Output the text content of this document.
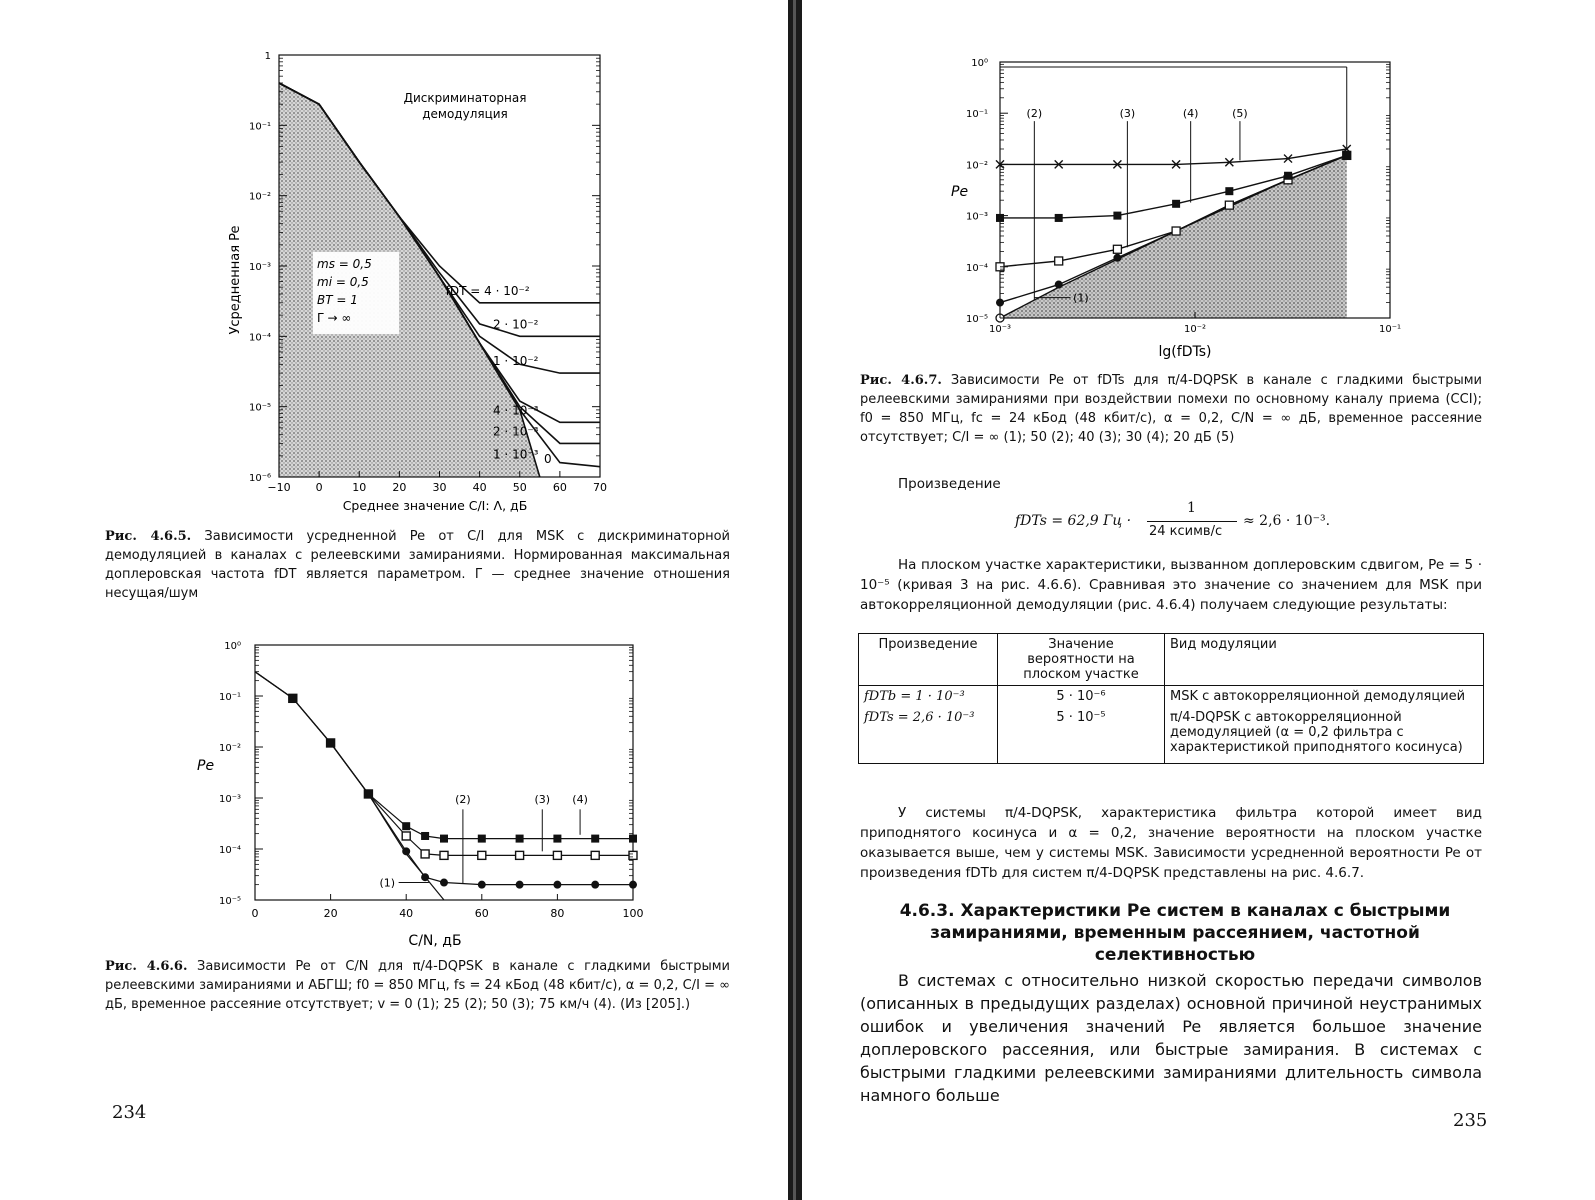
1
10⁻¹
10⁻²
10⁻³
10⁻⁴
10⁻⁵
10⁻⁶
−10 0	10 20 30 40 50 60 70
Дискриминаторная
демодуляция
Усредненная Pe
Среднее значение C/I: Λ, дБ
ms = 0,5
mi = 0,5
BT = 1
Γ → ∞
fDT = 4 · 10⁻²
2 · 10⁻²
1 · 10⁻²
4 · 10⁻³
2 · 10⁻³
1 · 10⁻³ 0
Рис. 4.6.5. Зависимости усредненной Pe от C/I для MSK с дискриминаторной демодуляцией в каналах с релеевскими замираниями. Нормированная максимальная доплеровская частота fDT является параметром. Γ — среднее значение отношения несущая/шум
10⁰
10⁻¹
10⁻²
10⁻³
10⁻⁴
10⁻⁵
0	20	40	60	80	100
Pe
C/N, дБ
(1)
(2)	(3) (4)
Рис. 4.6.6. Зависимости Pe от C/N для π/4-DQPSK в канале с гладкими быстрыми релеевскими замираниями и АБГШ; f0 = 850 МГц, fs = 24 кБод (48 кбит/с), α = 0,2, C/I = ∞ дБ, временное рассеяние отсутствует; v = 0 (1); 25 (2); 50 (3); 75 км/ч (4). (Из [205].)
234
10⁰
10⁻¹
10⁻²
10⁻³
10⁻⁴
10⁻⁵
10⁻³	10⁻²	10⁻¹
Pe
lg(fDTs)
(2)	(3)	(4)	(5)
(1)
Рис. 4.6.7. Зависимости Pe от fDTs для π/4-DQPSK в канале с гладкими быстрыми релеевскими замираниями при воздействии помехи по основному каналу приема (CCI); f0 = 850 МГц, fc = 24 кБод (48 кбит/с), α = 0,2, C/N = ∞ дБ, временное рассеяние отсутствует; C/I = ∞ (1); 50 (2); 40 (3); 30 (4); 20 дБ (5)
Произведение
fDTs = 62,9 Гц ·
1
24 ксимв/с
≈ 2,6 · 10⁻³.
На плоском участке характеристики, вызванном доплеровским сдвигом, Pe = 5 · 10⁻⁵ (кривая 3 на рис. 4.6.6). Сравнивая это значение со значением для MSK при автокорреляционной демодуляции (рис. 4.6.4) получаем следующие результаты:
Произведение	Значение вероятности на плоском участке	Вид модуляции

fDTb = 1 · 10⁻³	5 · 10⁻⁶	MSK с автокорреляционной демодуляцией

fDTs = 2,6 · 10⁻³	5 · 10⁻⁵	π/4-DQPSK с автокорреляционной демодуляцией (α = 0,2 фильтра с характеристикой приподнятого косинуса)
У системы π/4-DQPSK, характеристика фильтра которой имеет вид приподнятого косинуса и α = 0,2, значение вероятности на плоском участке оказывается выше, чем у системы MSK. Зависимости усредненной вероятности Pe от произведения fDTb для систем π/4-DQPSK представлены на рис. 4.6.7.
4.6.3. Характеристики Pe систем в каналах с быстрыми замираниями, временным рассеянием, частотной селективностью
В системах с относительно низкой скоростью передачи символов (описанных в предыдущих разделах) основной причиной неустранимых ошибок и увеличения значений Pe является большое значение доплеровского рассеяния, или быстрые замирания. В системах с быстрыми гладкими релеевскими замираниями длительность символа намного больше
235
